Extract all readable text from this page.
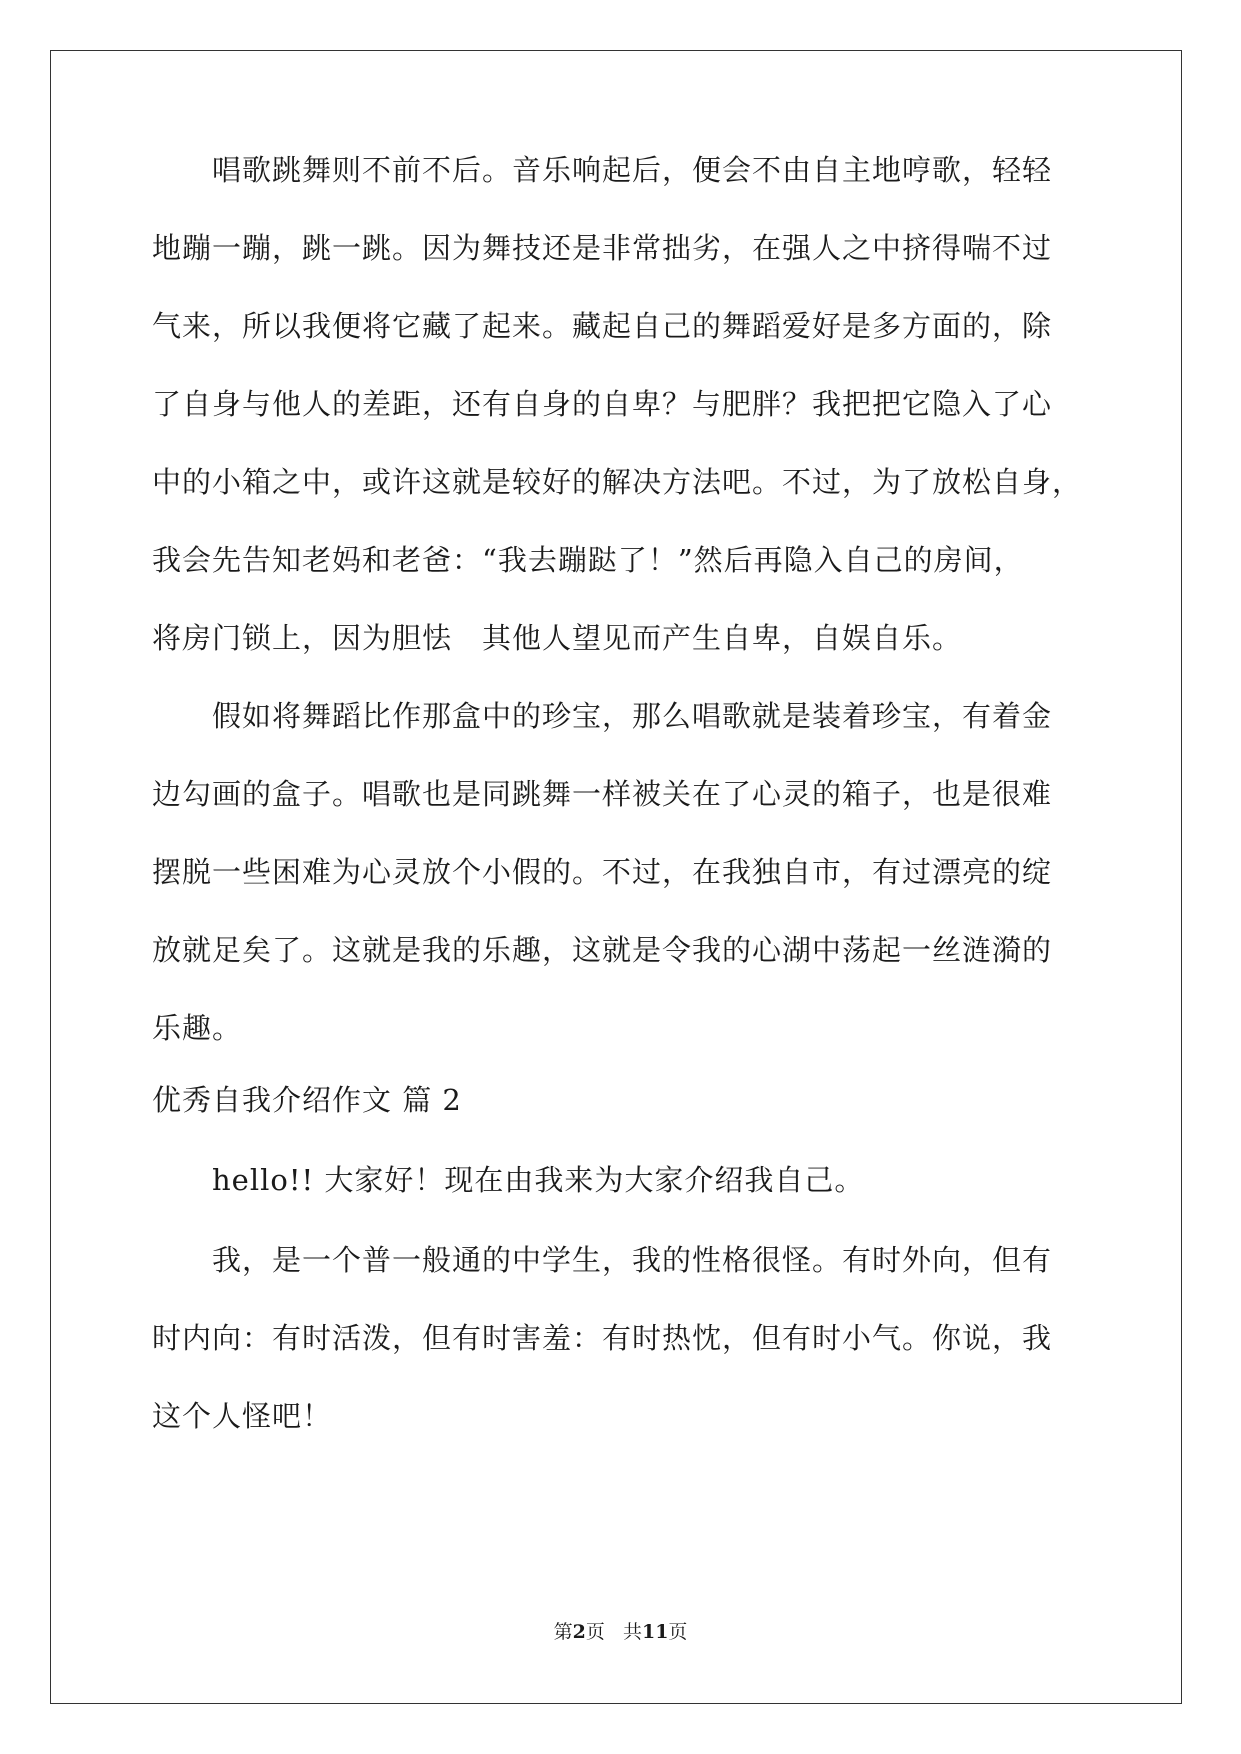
唱歌跳舞则不前不后。音乐响起后，便会不由自主地哼歌，轻轻
地蹦一蹦，跳一跳。因为舞技还是非常拙劣，在强人之中挤得喘不过
气来，所以我便将它藏了起来。藏起自己的舞蹈爱好是多方面的，除
了自身与他人的差距，还有自身的自卑？与肥胖？我把把它隐入了心
中的小箱之中，或许这就是较好的解决方法吧。不过，为了放松自身，
我会先告知老妈和老爸：“我去蹦跶了！”然后再隐入自己的房间，
将房门锁上，因为胆怯　其他人望见而产生自卑，自娱自乐。
假如将舞蹈比作那盒中的珍宝，那么唱歌就是装着珍宝，有着金
边勾画的盒子。唱歌也是同跳舞一样被关在了心灵的箱子，也是很难
摆脱一些困难为心灵放个小假的。不过，在我独自市，有过漂亮的绽
放就足矣了。这就是我的乐趣，这就是令我的心湖中荡起一丝涟漪的
乐趣。
优秀自我介绍作文 篇 2
hello!! 大家好！现在由我来为大家介绍我自己。
我，是一个普一般通的中学生，我的性格很怪。有时外向，但有
时内向：有时活泼，但有时害羞：有时热忱，但有时小气。你说，我
这个人怪吧！
第2页 共11页
